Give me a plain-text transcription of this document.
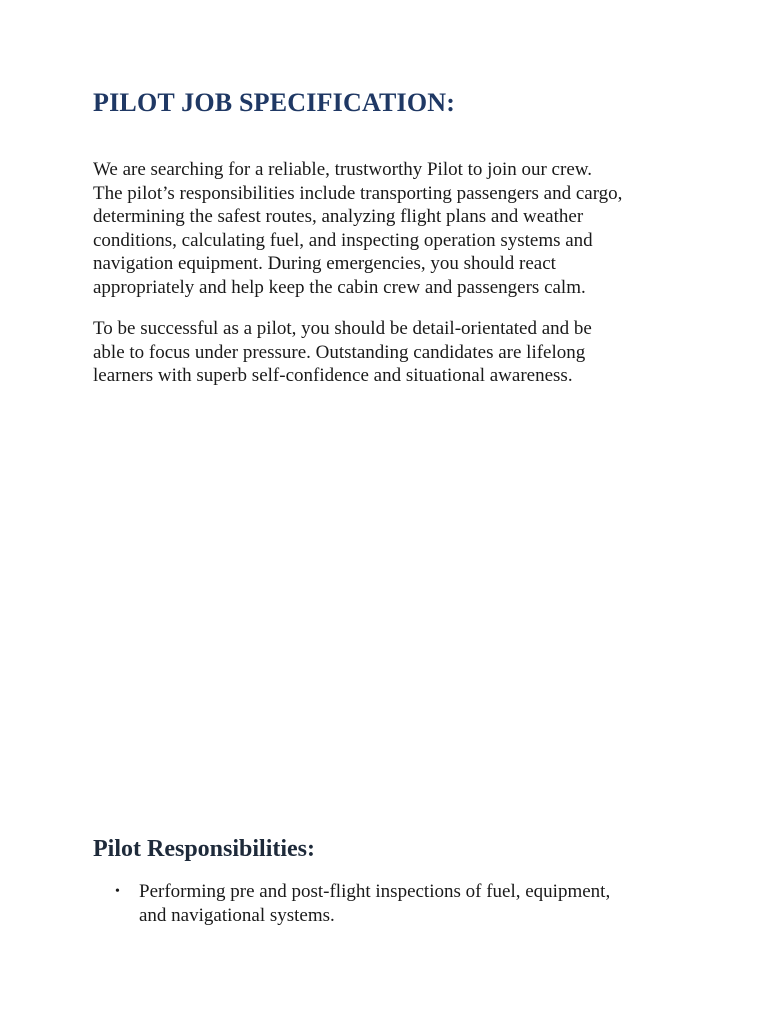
PILOT JOB SPECIFICATION:

We are searching for a reliable, trustworthy Pilot to join our crew.
The pilot’s responsibilities include transporting passengers and cargo,
determining the safest routes, analyzing flight plans and weather
conditions, calculating fuel, and inspecting operation systems and
navigation equipment. During emergencies, you should react
appropriately and help keep the cabin crew and passengers calm.

To be successful as a pilot, you should be detail-orientated and be
able to focus under pressure. Outstanding candidates are lifelong
learners with superb self-confidence and situational awareness.

Pilot Responsibilities:
• Performing pre and post-flight inspections of fuel, equipment,
and navigational systems.
